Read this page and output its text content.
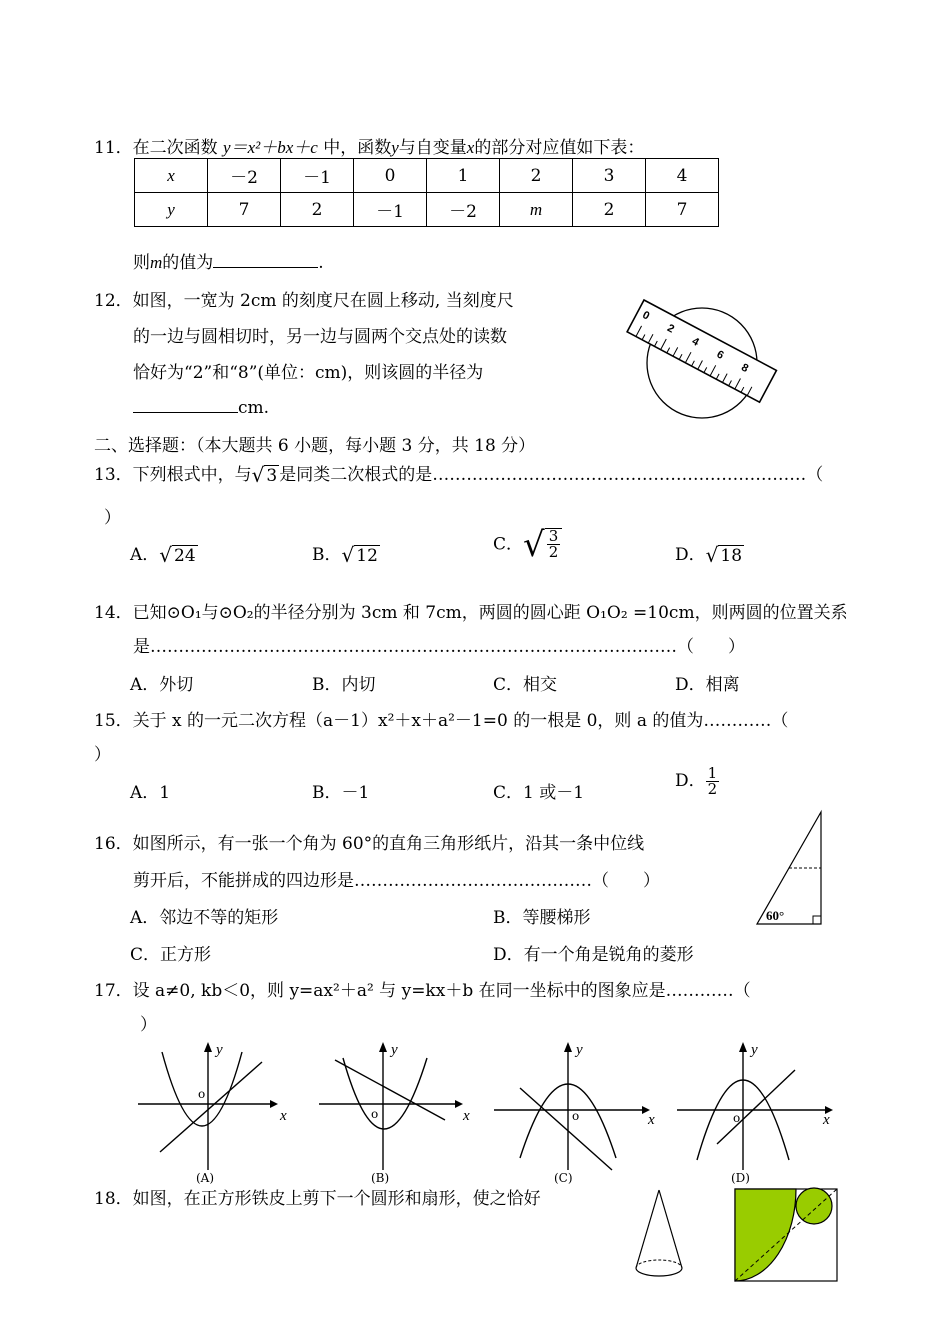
11．在二次函数 y＝x²＋bx＋c 中，函数y与自变量x的部分对应值如下表：
x	－2	－1	0	1	2	3	4
y	7	2	－1	－2	m	2	7
则m的值为	.
12．如图，一宽为 2cm 的刻度尺在圆上移动, 当刻度尺
的一边与圆相切时，另一边与圆两个交点处的读数
恰好为“2”和“8”(单位：cm)，则该圆的半径为
cm.
0
2
4
6
8
二、选择题：（本大题共 6 小题，每小题 3 分，共 18 分）
13．下列根式中，与 √ 3 是同类二次根式的是…………………………………………………………（
）
A． √ 24	B． √ 12
C． √ $\frac{3}{2}$	D． √ 18
14．已知⊙O₁与⊙O₂的半径分别为 3cm 和 7cm，两圆的圆心距 O₁O₂ =10cm，则两圆的位置关系
是…………………………………………………………………………………（　　）
A．外切	B．内切	C．相交	D．相离
15．关于 x 的一元二次方程（a－1）x²＋x＋a²－1=0 的一根是 0，则 a 的值为…………（
）
A．1	B．－1	C．1 或－1
D． $\frac{1}{2}$
16．如图所示，有一张一个角为 60°的直角三角形纸片，沿其一条中位线
剪开后，不能拼成的四边形是……………………………………（　　）
A．邻边不等的矩形	B．等腰梯形
C．正方形	D．有一个角是锐角的菱形
60°
17．设 a≠0, kb＜0，则 y=ax²＋a² 与 y=kx＋b 在同一坐标中的图象应是…………（
）
y
x
o
(A)
y
x
o
(B)
y
x
o
(C)
y
x
o
(D)
18．如图，在正方形铁皮上剪下一个圆形和扇形，使之恰好
